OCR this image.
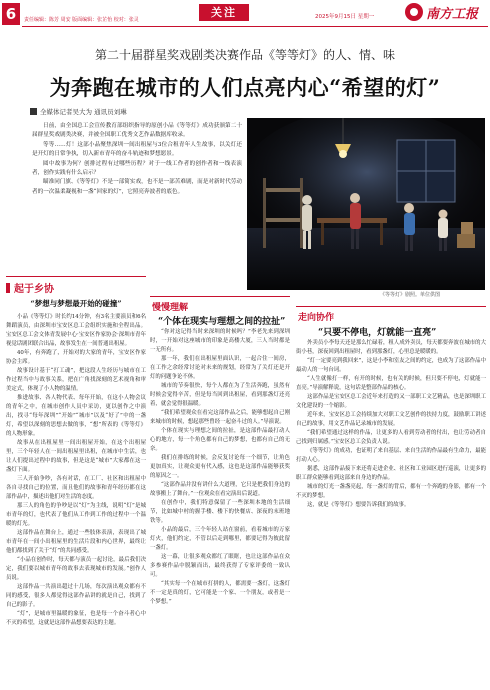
6	责任编辑：陈芳 周安 版面编辑：张芷怡 校对：张灵
关注	2025年9月15日 星期一	南方工报
第二十届群星奖戏剧类决赛作品《等等灯》的人、情、味
为奔跑在城市的人们点亮内心“希望的灯”
全媒体记者吴大为 通讯员刘琳

日前，由全国总工会宣传教育部组织指导的原创小品《等等灯》成功获颁第二十届群星奖戏剧类决赛，并被全国职工优秀文艺作品数据库收录。

等等……灯！这部小品聚焦深圳一间出租屋与3位合租青年人生故事，以关灯还是开灯的日常争执，切入新市青年的奋斗轨迹和梦想愿景。

圆中故事为何？创排过程有过哪些历程？对于一线工作者的创作者和一线表演者，创作实践有什么启示？

瞄准同门旗、《等等灯》不是一部简实戏，也不是一部苦难剧，而是对新时代劳动者的一次温柔凝视和一盏“回家的灯”，它照亮奔波者的底色。

《等等灯》剧照。单位供图
起于乡协
“梦想与梦想最开始的碰撞”

小品《等等灯》时长约14分钟，有3名主要演员和6名舞蹈演员，由深圳市宝安区总工会组织实施和全程出品。宝安区总工会文体青发展中心·宝安区作家协会·深圳市青年视觉话剧团联合出品，故事发生在一间普通出租屋。

40年，有奔跑了，开始对的大家的青年，宝安区作家协会主席。

故事设计基于“打工魂”，把这段人生经历与城市在工作过程当中与故事关系，把在广角找深刻的艺术视角和审美定式，体现了小人物的温情。

推进故事、各人物代表、每年开始，在这小人物会议的青年之中，在城市创作人员中采访，更以创作之中演出，找寻“每年深圳”“开始”“城市”以及“好了”中的一盏灯，希望以深刻的思想去做的事，“想”所表的《等等灯》的人物形象。

故事从在出租屋里一间出租屋开始，在这个出租屋里，三个年轻人在一间出租屋里出租，在城市中生活，也让人们提出过程中的故事，但是这是“城市”大家都在这一盏灯下面。

三人开始争吵，各有对话，在工厂、社区和出租屋中各自寻找自己的位置，而且他们的故事和青年经历都在这部作品中，描述出他们对生活的态度。

那三人的角色的争吵是以“灯”为主线，说明“灯”是城市青年的灯，也代表了他们从工作到工作的过程中一个温暖的灯光。

这部作品在舞台上，通过一些肢体表演，表现出了城市青年在一间小出租屋里的生活片段和内心世界，最终让他们都找到了关于“灯”的共同感受。

“小品在创作时，每天都与演员一起讨论，最后我们决定，我们要以城市青年的故事去表现城市的发展。”创作人员说。

这部作品一共演出超过十几场，每次演出观众都有不同的感受，很多人都觉得这部作品讲的就是自己，找到了自己的影子。

“灯”，是城市里温暖的象征，也是每一个奋斗者心中不灭的希望，这就是这部作品想要表达的主题。

慢慢理解
“个体在现实与理想之间的拉扯”

“你对这记得当时来深圳的时候吗？”李老先来到深圳时，一开始对这座城市的印象是高楼大厦，三人当时都是一无所有。

那一年，我们在出租屋里面认识，一起合住一间房，在工作之余经常讨论对未来的规划，经常为了关灯还是开灯的问题争论不休。

城市的节奏很快，每个人都在为了生活奔跑，虽然有时候会觉得辛苦，但是每当回到出租屋，看到那盏灯还亮着，就会觉得很温暖。

“我们希望观众在看完这部作品之后，能够想起自己刚来城市的时候，想起那些曾经一起奋斗过的人。”导演说。

个体在现实与理想之间的拉扯，是这部作品最打动人心的地方，每一个角色都有自己的梦想，也都有自己的无奈。

我们在排练的时候，会反复讨论每一个细节，让角色更加真实，让观众更有代入感，这也是这部作品能够获奖的原因之一。

“这部作品并没有讲什么大道理，它只是把我们身边的故事搬上了舞台。”一位观众在看完演出后说道。

在创作中，我们特意保留了一些深圳本地的生活细节，比如城中村的握手楼、楼下的快餐店、深夜的末班地铁等。

小品的最后，三个年轻人站在窗前，看着城市的万家灯火，他们约定，不管以后走到哪里，都要记得为彼此留一盏灯。

这一幕，让很多观众都红了眼眶，也让这部作品在众多参赛作品中脱颖而出，最终获得了专家评委的一致认可。

“其实每一个在城市打拼的人，都需要一盏灯，这盏灯不一定是真的灯，它可能是一个家、一个朋友，或者是一个梦想。”

走向协作
“只要不停电，灯就能一直亮”

外卖员小李每天还是那么忙碌着，租人成外卖员，每天都要奔波在城市的大街小巷，深夜回到出租屋时，看到那盏灯，心里总是暖暖的。

“灯一定要亮到我回来”，这是小李和室友之间的约定，也成为了这部作品中最动人的一句台词。

“人生就像打一样，有开的时候，也有关的时候，但只要不停电，灯就能一直亮。”导演解释说，这句话是整部作品的核心。

这部作品是宝安区总工会近年来打造的又一部职工文艺精品，也是深圳职工文化建设的一个缩影。

近年来，宝安区总工会持续加大对职工文艺创作的扶持力度，鼓励职工讲述自己的故事，用文艺作品记录城市的发展。

“我们希望通过这样的作品，让更多的人看到劳动者的付出，也让劳动者自己找到归属感。”宝安区总工会负责人说。

《等等灯》的成功，也证明了来自基层、来自生活的作品最有生命力，最能打动人心。

据悉，这部作品接下来还将走进企业、社区和工业园区进行巡演，让更多的职工群众能够看到这部来自身边的作品。

城市的灯光一盏盏亮起，每一盏灯的背后，都有一个奔跑的身影，都有一个不灭的梦想。

这，就是《等等灯》想要告诉我们的故事。
